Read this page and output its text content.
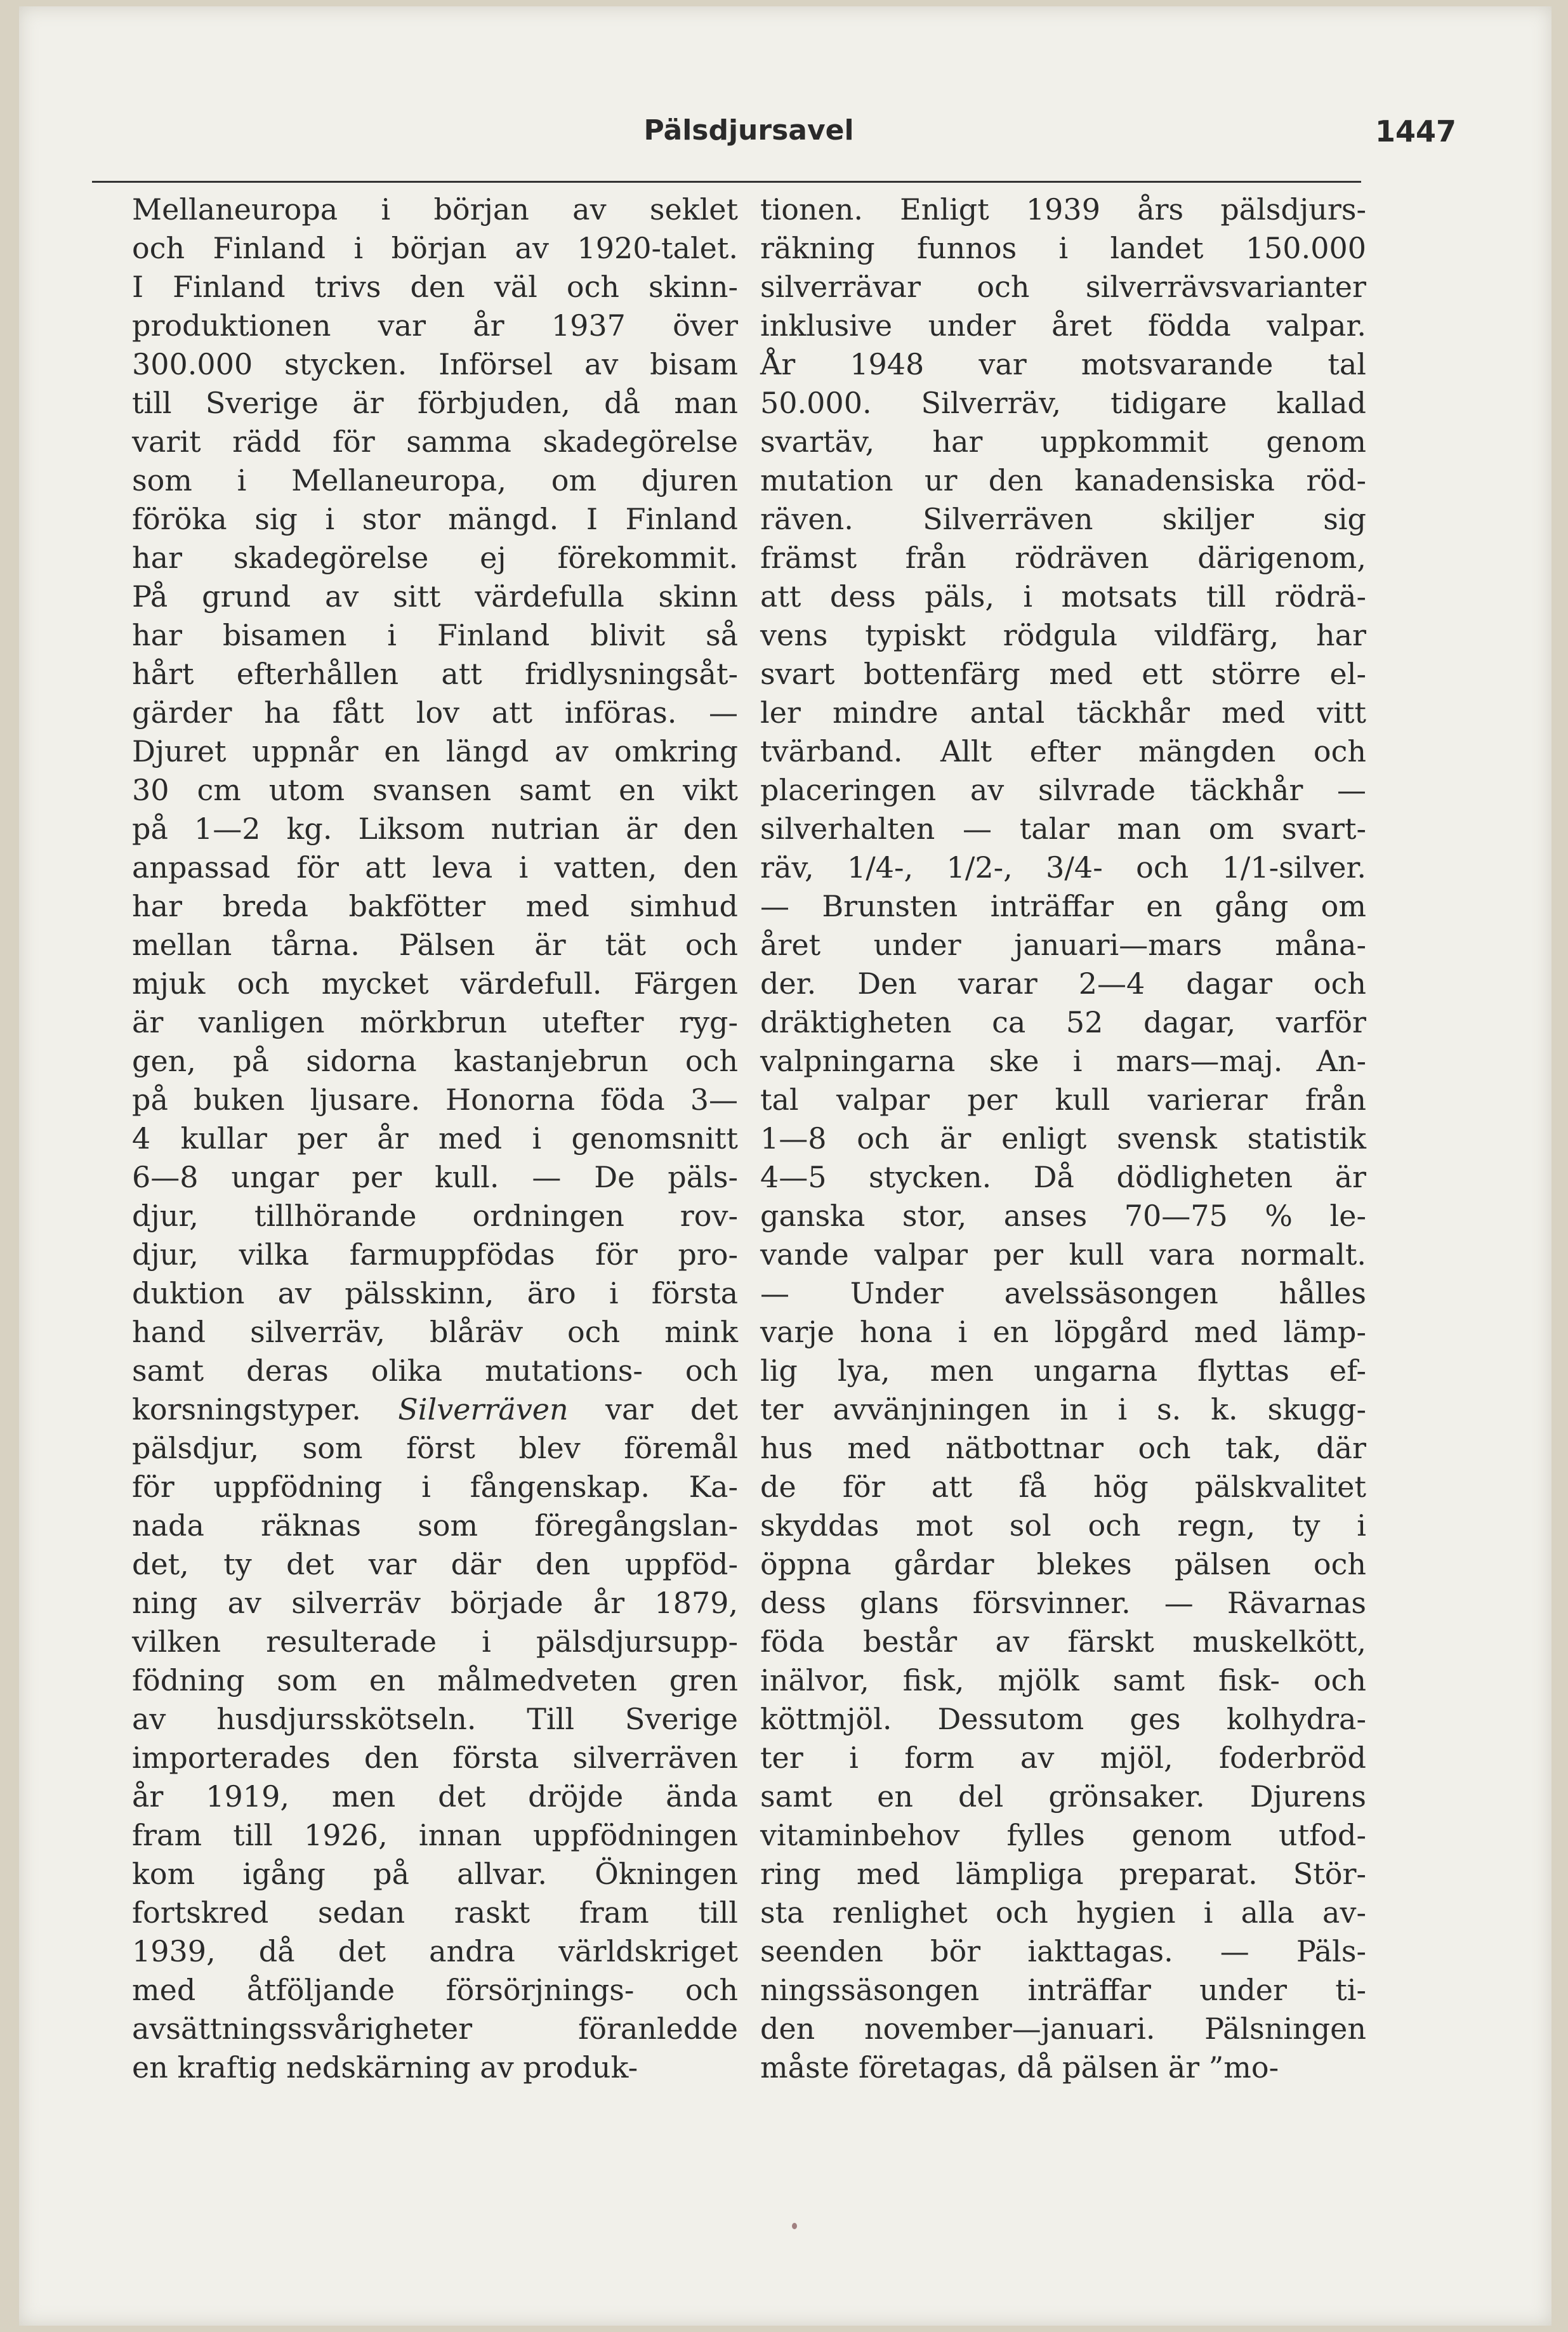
Pälsdjursavel	1447
Mellaneuropa i början av seklet
och Finland i början av 1920-talet.
I Finland trivs den väl och skinn-
produktionen var år 1937 över
300.000 stycken. Införsel av bisam
till Sverige är förbjuden, då man
varit rädd för samma skadegörelse
som i Mellaneuropa, om djuren
föröka sig i stor mängd. I Finland
har skadegörelse ej förekommit.
På grund av sitt värdefulla skinn
har bisamen i Finland blivit så
hårt efterhållen att fridlysningsåt-
gärder ha fått lov att införas. —
Djuret uppnår en längd av omkring
30 cm utom svansen samt en vikt
på 1—2 kg. Liksom nutrian är den
anpassad för att leva i vatten, den
har breda bakfötter med simhud
mellan tårna. Pälsen är tät och
mjuk och mycket värdefull. Färgen
är vanligen mörkbrun utefter ryg-
gen, på sidorna kastanjebrun och
på buken ljusare. Honorna föda 3—
4 kullar per år med i genomsnitt
6—8 ungar per kull. — De päls-
djur, tillhörande ordningen rov-
djur, vilka farmuppfödas för pro-
duktion av pälsskinn, äro i första
hand silverräv, blåräv och mink
samt deras olika mutations- och
korsningstyper. Silverräven var det
pälsdjur, som först blev föremål
för uppfödning i fångenskap. Ka-
nada räknas som föregångslan-
det, ty det var där den uppföd-
ning av silverräv började år 1879,
vilken resulterade i pälsdjursupp-
födning som en målmedveten gren
av husdjursskötseln. Till Sverige
importerades den första silverräven
år 1919, men det dröjde ända
fram till 1926, innan uppfödningen
kom igång på allvar. Ökningen
fortskred sedan raskt fram till
1939, då det andra världskriget
med åtföljande försörjnings- och
avsättningssvårigheter föranledde
en kraftig nedskärning av produk-
tionen. Enligt 1939 års pälsdjurs-
räkning funnos i landet 150.000
silverrävar och silverrävsvarianter
inklusive under året födda valpar.
År 1948 var motsvarande tal
50.000. Silverräv, tidigare kallad
svartäv, har uppkommit genom
mutation ur den kanadensiska röd-
räven. Silverräven skiljer sig
främst från rödräven därigenom,
att dess päls, i motsats till rödrä-
vens typiskt rödgula vildfärg, har
svart bottenfärg med ett större el-
ler mindre antal täckhår med vitt
tvärband. Allt efter mängden och
placeringen av silvrade täckhår —
silverhalten — talar man om svart-
räv, 1/4-, 1/2-, 3/4- och 1/1-silver.
— Brunsten inträffar en gång om
året under januari—mars måna-
der. Den varar 2—4 dagar och
dräktigheten ca 52 dagar, varför
valpningarna ske i mars—maj. An-
tal valpar per kull varierar från
1—8 och är enligt svensk statistik
4—5 stycken. Då dödligheten är
ganska stor, anses 70—75 % le-
vande valpar per kull vara normalt.
— Under avelssäsongen hålles
varje hona i en löpgård med lämp-
lig lya, men ungarna flyttas ef-
ter avvänjningen in i s. k. skugg-
hus med nätbottnar och tak, där
de för att få hög pälskvalitet
skyddas mot sol och regn, ty i
öppna gårdar blekes pälsen och
dess glans försvinner. — Rävarnas
föda består av färskt muskelkött,
inälvor, fisk, mjölk samt fisk- och
köttmjöl. Dessutom ges kolhydra-
ter i form av mjöl, foderbröd
samt en del grönsaker. Djurens
vitaminbehov fylles genom utfod-
ring med lämpliga preparat. Stör-
sta renlighet och hygien i alla av-
seenden bör iakttagas. — Päls-
ningssäsongen inträffar under ti-
den november—januari. Pälsningen
måste företagas, då pälsen är ”mo-
